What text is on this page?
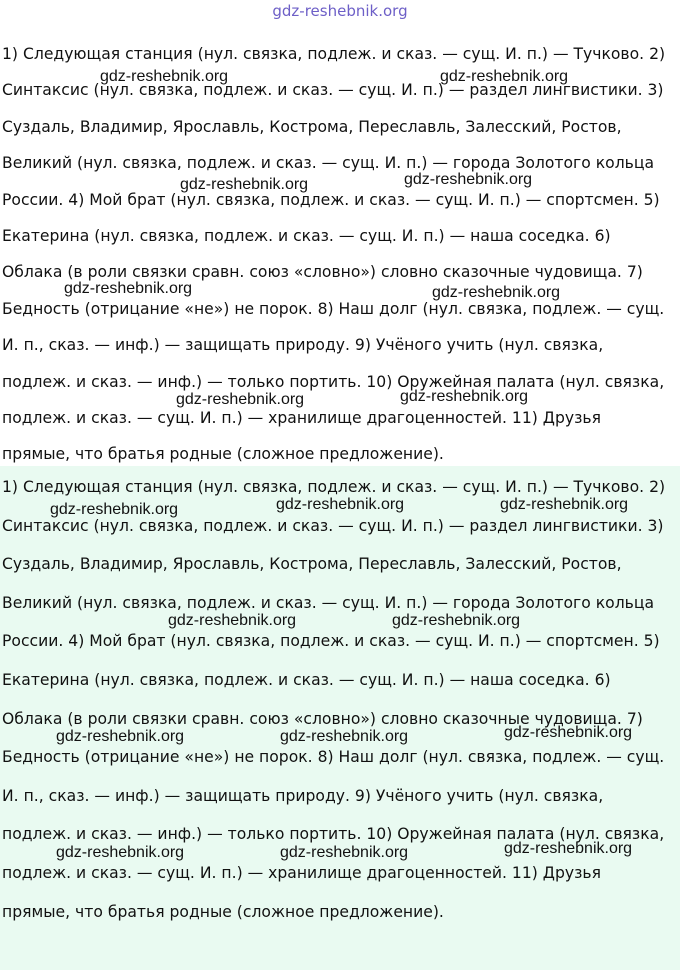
gdz-reshebnik.org

1) Следующая станция (нул. связка, подлеж. и сказ. — сущ. И. п.) — Тучково. 2) Синтаксис (нул. связка, подлеж. и сказ. — сущ. И. п.) — раздел лингвистики. 3) Суздаль, Владимир, Ярославль, Кострома, Переславль, Залесский, Ростов, Великий (нул. связка, подлеж. и сказ. — сущ. И. п.) — города Золотого кольца России. 4) Мой брат (нул. связка, подлеж. и сказ. — сущ. И. п.) — спортсмен. 5) Екатерина (нул. связка, подлеж. и сказ. — сущ. И. п.) — наша соседка. 6) Облака (в роли связки сравн. союз «словно») словно сказочные чудовища. 7) Бедность (отрицание «не») не порок. 8) Наш долг (нул. связка, подлеж. — сущ. И. п., сказ. — инф.) — защищать природу. 9) Учёного учить (нул. связка, подлеж. и сказ. — инф.) — только портить. 10) Оружейная палата (нул. связка, подлеж. и сказ. — сущ. И. п.) — хранилище драгоценностей. 11) Друзья прямые, что братья родные (сложное предложение).

1) Следующая станция (нул. связка, подлеж. и сказ. — сущ. И. п.) — Тучково. 2) Синтаксис (нул. связка, подлеж. и сказ. — сущ. И. п.) — раздел лингвистики. 3) Суздаль, Владимир, Ярославль, Кострома, Переславль, Залесский, Ростов, Великий (нул. связка, подлеж. и сказ. — сущ. И. п.) — города Золотого кольца России. 4) Мой брат (нул. связка, подлеж. и сказ. — сущ. И. п.) — спортсмен. 5) Екатерина (нул. связка, подлеж. и сказ. — сущ. И. п.) — наша соседка. 6) Облака (в роли связки сравн. союз «словно») словно сказочные чудовища. 7) Бедность (отрицание «не») не порок. 8) Наш долг (нул. связка, подлеж. — сущ. И. п., сказ. — инф.) — защищать природу. 9) Учёного учить (нул. связка, подлеж. и сказ. — инф.) — только портить. 10) Оружейная палата (нул. связка, подлеж. и сказ. — сущ. И. п.) — хранилище драгоценностей. 11) Друзья прямые, что братья родные (сложное предложение).

gdz-reshebnik.org	gdz-reshebnik.org
gdz-reshebnik.org	gdz-reshebnik.org
gdz-reshebnik.org	gdz-reshebnik.org
gdz-reshebnik.org	gdz-reshebnik.org
gdz-reshebnik.org	gdz-reshebnik.org	gdz-reshebnik.org
gdz-reshebnik.org	gdz-reshebnik.org
gdz-reshebnik.org	gdz-reshebnik.org	gdz-reshebnik.org
gdz-reshebnik.org	gdz-reshebnik.org	gdz-reshebnik.org
